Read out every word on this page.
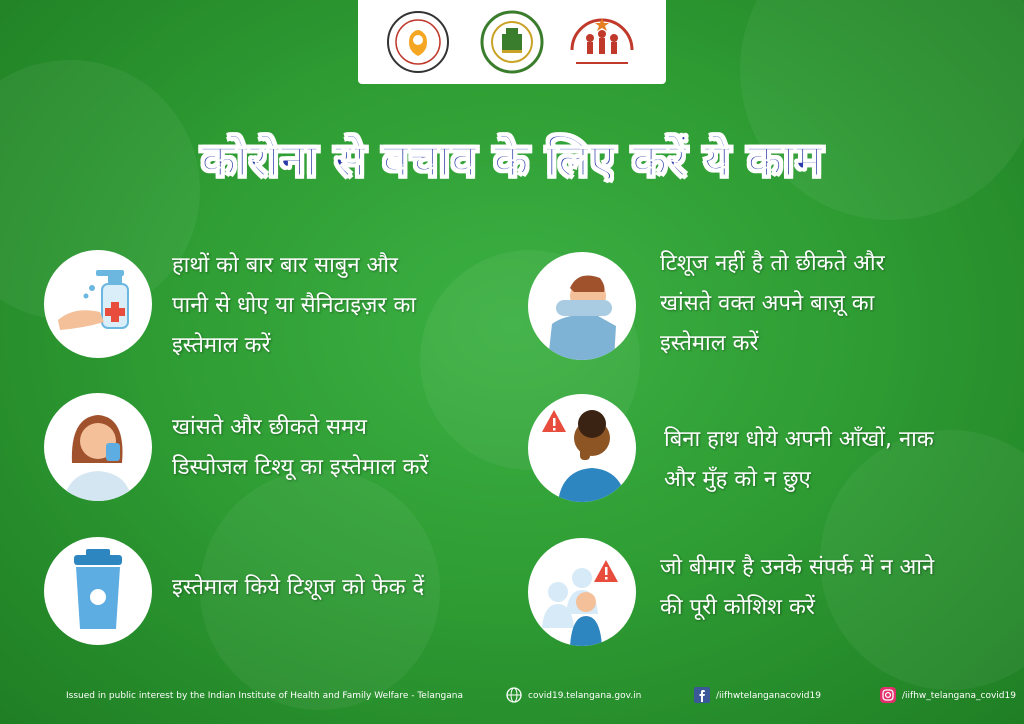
कोरोना से बचाव के लिए करें ये काम
हाथों को बार बार साबुन और
पानी से धोए या सैनिटाइज़र का
इस्तेमाल करें
टिशूज नहीं है तो छीकते और
खांसते वक्त अपने बाज़ू का
इस्तेमाल करें
खांसते और छीकते समय
डिस्पोजल टिश्यू का इस्तेमाल करें
बिना हाथ धोये अपनी आँखों, नाक
और मुँह को न छुए
इस्तेमाल किये टिशूज को फेक दें
जो बीमार है उनके संपर्क में न आने
की पूरी कोशिश करें
Issued in public interest by the Indian Institute of Health and Family Welfare - Telangana	covid19.telangana.gov.in	/iifhwtelanganacovid19	/iifhw_telangana_covid19
